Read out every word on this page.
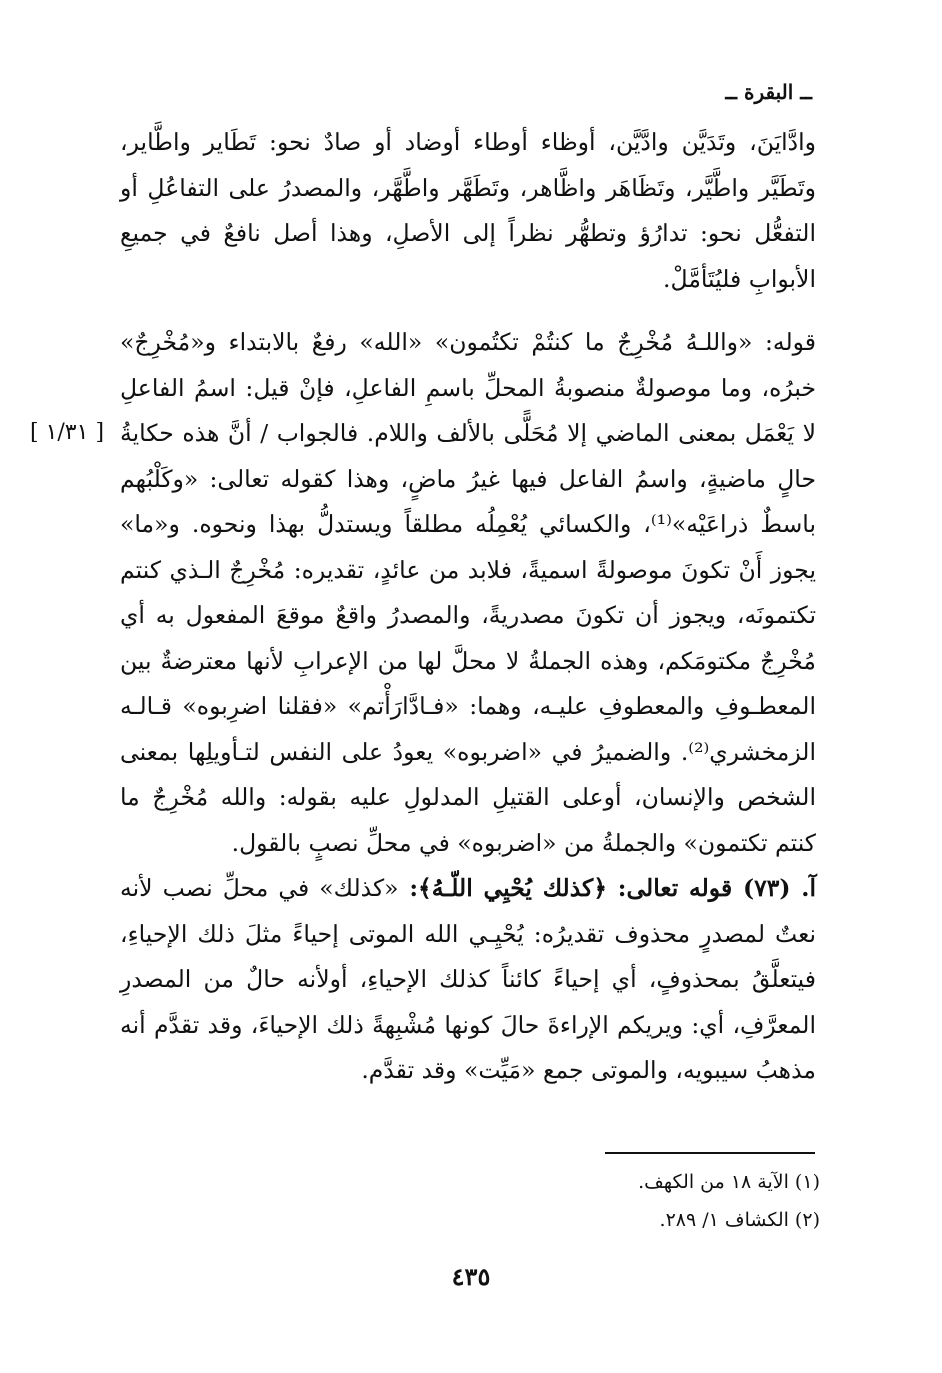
ــ البقرة ــ

وادَّايَنَ، وتَدَيَّن وادَّيَّن، أوظاء أوطاء أوضاد أو صادٌ نحو: تَطَاير واطَّاير، وتَطَيَّر واطَّيَّر، وتَظَاهَر واظَّاهر، وتَطَهَّر واطَّهَّر، والمصدرُ على التفاعُلِ أو التفعُّل نحو: تدارُؤ وتطهُّر نظراً إلى الأصلِ، وهذا أصل نافعٌ في جميعِ الأبوابِ فليُتَأمَّلْ.

قوله: «واللـهُ مُخْرِجٌ ما كنتُمْ تكتُمون» «الله» رفعٌ بالابتداء و«مُخْرِجٌ» خبرُه، وما موصولةٌ منصوبةُ المحلِّ باسمِ الفاعلِ، فإنْ قيل: اسمُ الفاعلِ لا يَعْمَل بمعنى الماضي إلا مُحَلًّى بالألف واللام. فالجواب / أنَّ هذه حكايةُ حالٍ ماضيةٍ، واسمُ الفاعل فيها غيرُ ماضٍ، وهذا كقوله تعالى: «وكَلْبُهم باسطٌ ذراعَيْه»⁽¹⁾، والكسائي يُعْمِلُه مطلقاً ويستدلُّ بهذا ونحوه. و«ما» يجوز أَنْ تكونَ موصولةً اسميةً، فلابد من عائدٍ، تقديره: مُخْرِجٌ الـذي كنتم تكتمونَه، ويجوز أن تكونَ مصدريةً، والمصدرُ واقعٌ موقعَ المفعول به أي مُخْرِجٌ مكتومَكم، وهذه الجملةُ لا محلَّ لها من الإعرابِ لأنها معترضةٌ بين المعطـوفِ والمعطوفِ عليـه، وهما: «فـادَّارَأْتم» «فقلنا اضرِبوه» قـالـه الزمخشري⁽²⁾. والضميرُ في «اضربوه» يعودُ على النفس لتـأويلِها بمعنى الشخص والإنسان، أوعلى القتيلِ المدلولِ عليه بقوله: والله مُخْرِجٌ ما كنتم تكتمون» والجملةُ من «اضربوه» في محلِّ نصبٍ بالقول.

آ. (٧٣) قوله تعالى: ﴿كذلك يُحْيِي اللّـهُ﴾: «كذلك» في محلِّ نصب لأنه نعتٌ لمصدرٍ محذوف تقديرُه: يُحْيِـي الله الموتى إحياءً مثلَ ذلك الإحياءِ، فيتعلَّقُ بمحذوفٍ، أي إحياءً كائناً كذلك الإحياءِ، أولأنه حالٌ من المصدرِ المعرَّفِ، أي: ويريكم الإراءةَ حالَ كونها مُشْبِهةً ذلك الإحياءَ، وقد تقدَّم أنه مذهبُ سيبويه، والموتى جمع «مَيِّت» وقد تقدَّم.

[ ١/٣١ ]
(١) الآية ١٨ من الكهف.
(٢) الكشاف ١/ ٢٨٩.
٤٣٥
